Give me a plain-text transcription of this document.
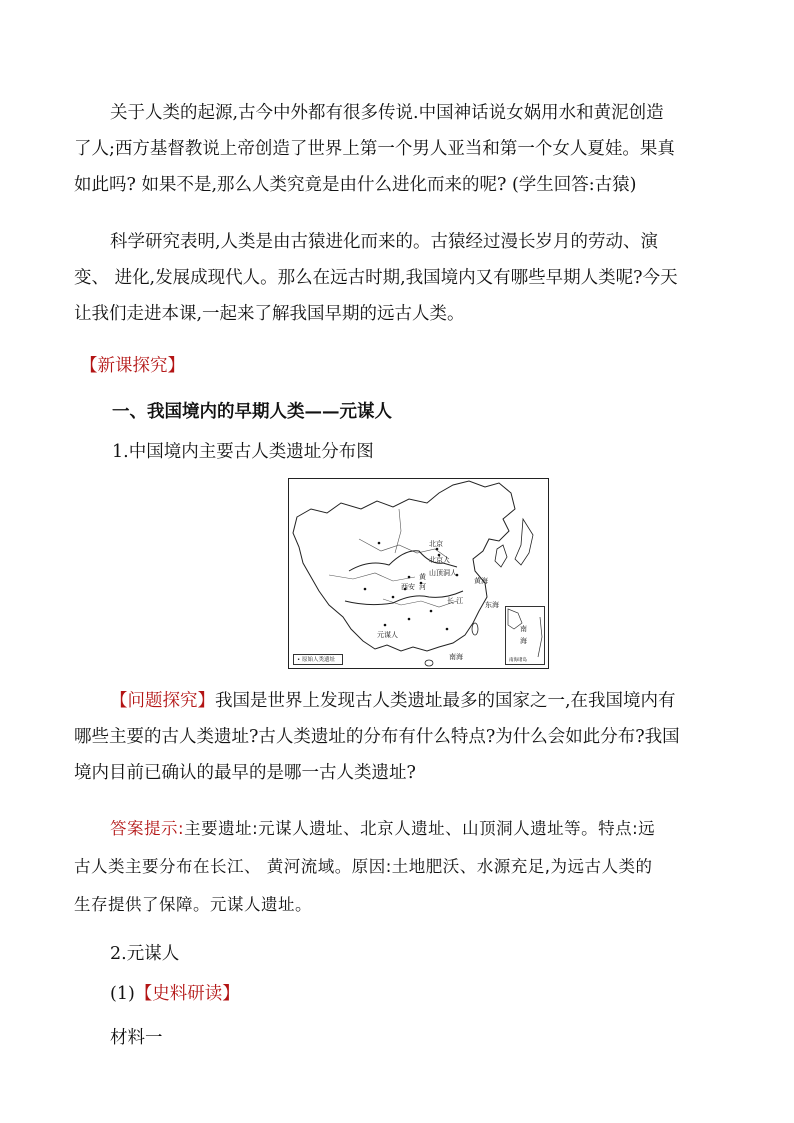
关于人类的起源,古今中外都有很多传说.中国神话说女娲用水和黄泥创造
了人;西方基督教说上帝创造了世界上第一个男人亚当和第一个女人夏娃。果真
如此吗? 如果不是,那么人类究竟是由什么进化而来的呢? (学生回答:古猿)

科学研究表明,人类是由古猿进化而来的。古猿经过漫长岁月的劳动、演
变、 进化,发展成现代人。那么在远古时期,我国境内又有哪些早期人类呢?今天
让我们走进本课,一起来了解我国早期的远古人类。

【新课探究】

一、我国境内的早期人类——元谋人

1.中国境内主要古人类遗址分布图

北京
北京人
山顶洞人
黄
河
西安
黄海
长 江	东海
元谋人
南海
• 原始人类遗址
南
海
南海诸岛

【问题探究】我国是世界上发现古人类遗址最多的国家之一,在我国境内有
哪些主要的古人类遗址?古人类遗址的分布有什么特点?为什么会如此分布?我国
境内目前已确认的最早的是哪一古人类遗址?

答案提示:主要遗址:元谋人遗址、北京人遗址、山顶洞人遗址等。特点:远
古人类主要分布在长江、 黄河流域。原因:土地肥沃、水源充足,为远古人类的
生存提供了保障。元谋人遗址。

2.元谋人

(1)【史料研读】

材料一
